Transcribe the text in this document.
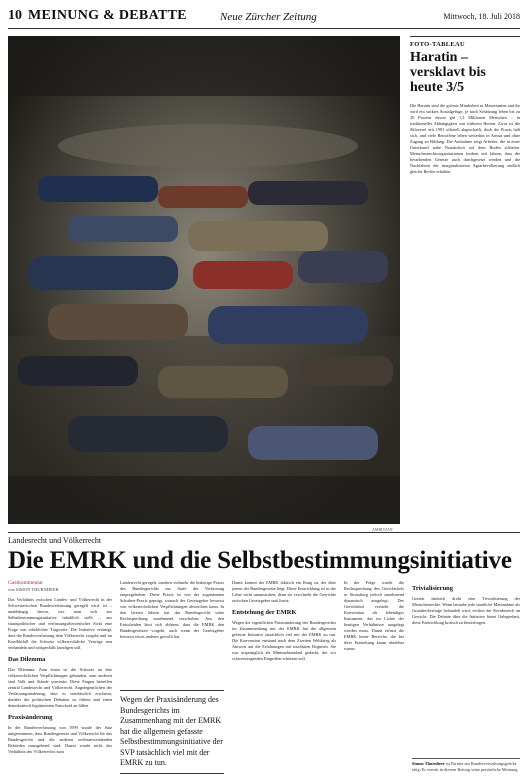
10 MEINUNG & DEBATTE	Neue Zürcher Zeitung	Mittwoch, 18. Juli 2018
AMBIVANT
FOTO-TABLEAU
Haratin – versklavt bis heute 3/5
Die Haratin sind die grösste Minderheit in Mauretanien und ihr wird ein striktes Sozialgefüge, je nach Schätzung leben bis zu 20 Prozent davon gut 1,3 Millionen Menschen – in traditioneller Abhängigkeit von früheren Herren. Zwar ist die Sklaverei seit 1981 offiziell abgeschafft, doch die Praxis hält sich, und viele Betroffene leben weiterhin in Armut und ohne Zugang zu Bildung. Die Aufnahme zeigt Arbeiter, die in einer Unterkunft nahe Nouakchott auf dem Boden schlafen. Menschenrechtsorganisationen fordern seit Jahren, dass die bestehenden Gesetze auch durchgesetzt werden und die Nachfahren der marginalisierten Agrarbevölkerung endlich gleiche Rechte erhalten.
Landesrecht und Völkerrecht
Die EMRK und die Selbstbestimmungsinitiative
Gastkommentar
von SIMON THURNHEER
Das Verhältnis zwischen Landes- und Völkerrecht in der Schweizerischen Bundesverfassung geregelt wird, ist – unabhängig davon, wie man sich zur Selbstbestimmungsinitiative inhaltlich stellt – aus staatspolitischer und verfassungstheoretischer Sicht eine Frage von erheblicher Tragweite. Die Initiative verlangt, dass die Bundesverfassung dem Völkerrecht vorgeht und im Konfliktfall die Schweiz völkerrechtliche Verträge neu verhandeln und nötigenfalls kündigen soll.
Das Dilemma
Das Dilemma: Zum einen ist die Schweiz an ihre völkerrechtlichen Verpflichtungen gebunden, zum anderen sind Volk und Stände souverän. Diese Fragen betreffen zentral Landesrecht und Völkerrecht. Angelegentlichen der Verfassungsänderung, dass es unerlässlich erscheint, darüber die politischen Debatten zu führen und einen demokratisch legitimierten Entscheid zu fällen.
Praxisänderung
In der Bundesverfassung von 1999 wurde der Satz aufgenommen, dass Bundesgesetze und Völkerrecht für das Bundesgericht und die anderen rechtsanwendenden Behörden massgebend sind. Damit wurde nicht das Verhältnis des Völkerrechts zum
Landesrecht geregelt, sondern vielmehr die bisherige Praxis des Bundesgerichts zur Stufe der Verfassung emporgehoben. Diese Praxis ist von der sogenannten Schubert-Praxis geprägt, wonach der Gesetzgeber bewusst von völkerrechtlichen Verpflichtungen abweichen kann. In den letzten Jahren hat das Bundesgericht seine Rechtsprechung zunehmend verschoben. Aus den Entscheiden lässt sich ablesen, dass die EMRK den Bundesgesetzen vorgeht, auch wenn der Gesetzgeber bewusst etwas anderes gewollt hat.
Wegen der Praxisänderung des Bundesgerichts im Zusammenhang mit der EMRK hat die allgemein gefasste Selbstbestimmungsinitiative der SVP tatsächlich viel mit der EMRK zu tun.
Damit kommt der EMRK faktisch ein Rang zu, der über jenem der Bundesgesetze liegt. Diese Entwicklung ist in der Lehre nicht unumstritten, denn sie verschiebt die Gewichte zwischen Gesetzgeber und Justiz.
Entstehung der EMRK
Wegen der eigentlichen Praxisänderung des Bundesgerichts im Zusammenhang mit der EMRK hat die allgemein gefasste Initiative tatsächlich viel mit der EMRK zu tun. Die Konvention entstand nach dem Zweiten Weltkrieg als Antwort auf die Erfahrungen mit totalitären Regimen. Sie war ursprünglich als Minimalstandard gedacht, der vor schwerwiegenden Eingriffen schützen soll.
In der Folge wurde die Rechtsprechung des Gerichtshofs in Strassburg jedoch zunehmend dynamisch ausgelegt. Der Gerichtshof versteht die Konvention als lebendiges Instrument, das im Lichte der heutigen Verhältnisse ausgelegt werden muss. Damit erfasst die EMRK heute Bereiche, die bei ihrer Entstehung kaum absehbar waren.
Trivialisierung
Gerade dadurch droht eine Trivialisierung der Menschenrechte. Wenn beinahe jede staatliche Massnahme als Grundrechtsfrage behandelt wird, verliert der Kernbereich an Gewicht. Die Debatte über die Initiative bietet Gelegenheit, diese Entwicklung kritisch zu hinterfragen.
Simon Thurnheer ist Partner am Bundesverwaltungsgericht tätig. Er vertritt in diesem Beitrag seine persönliche Meinung.
